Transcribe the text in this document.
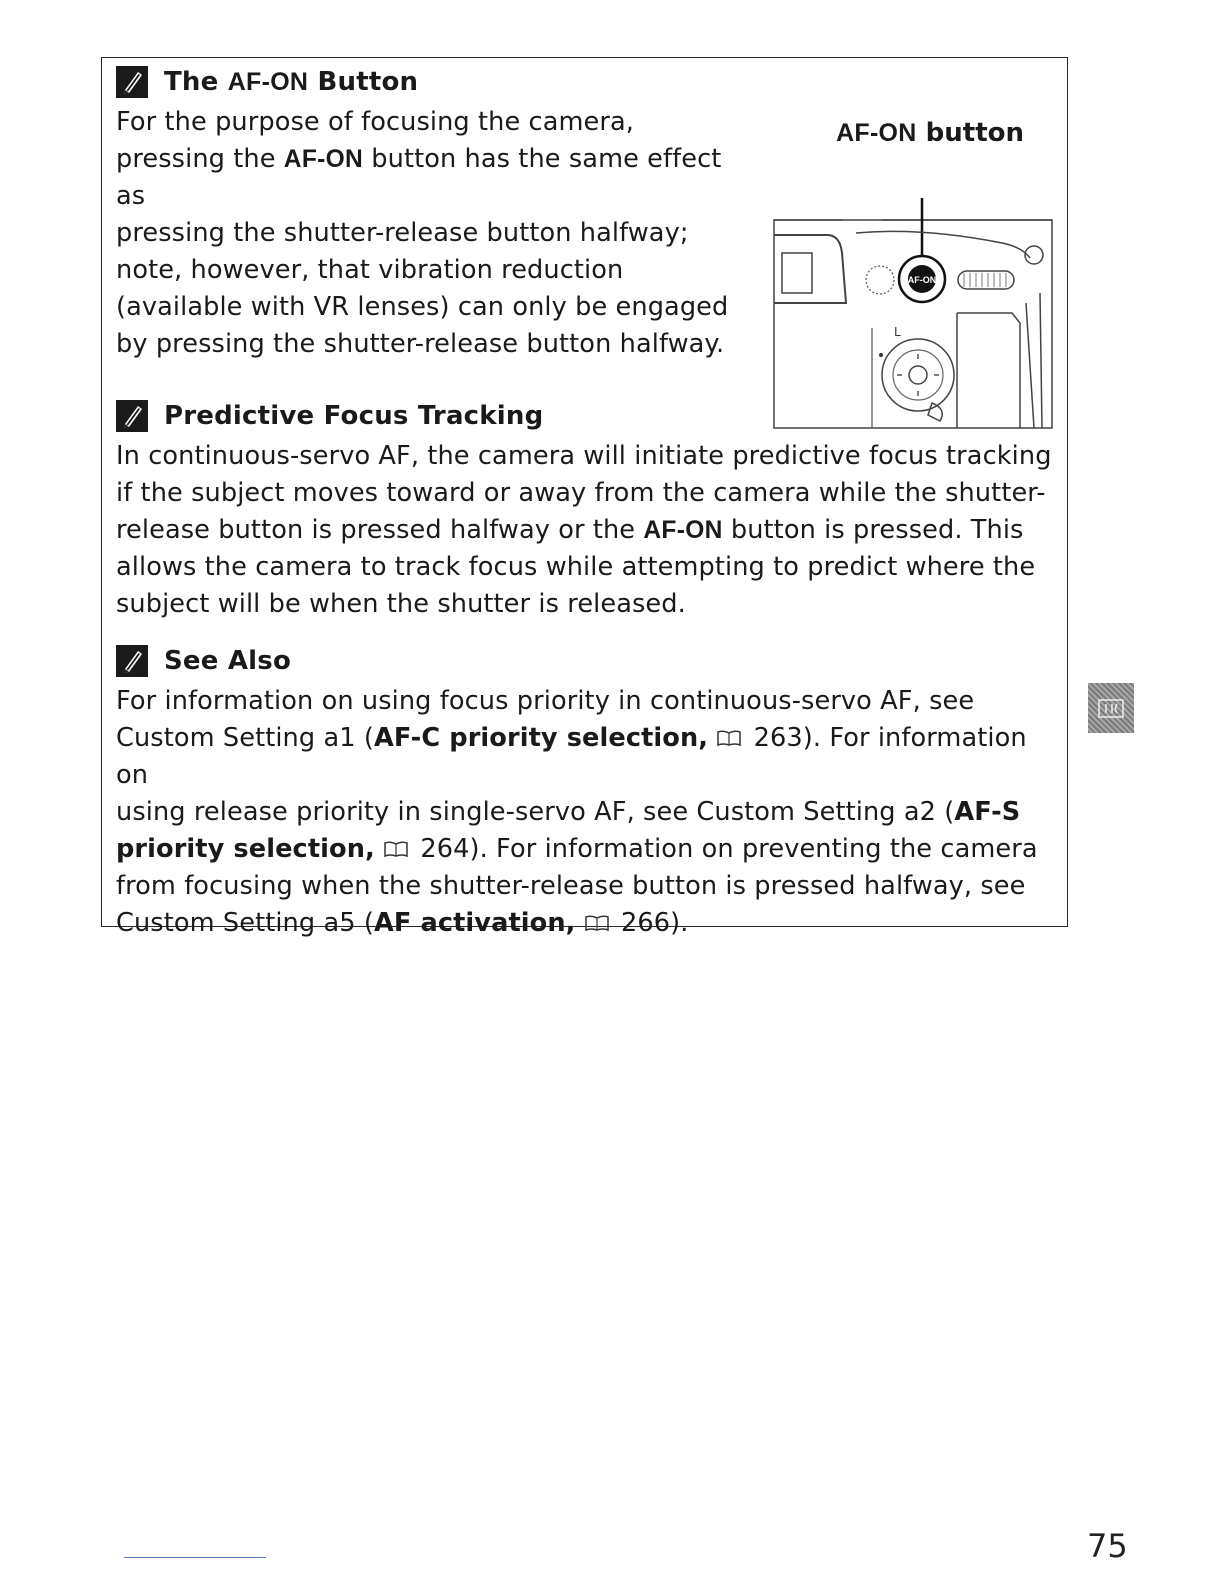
The AF-ON Button
For the purpose of focusing the camera,
pressing the AF-ON button has the same effect as
pressing the shutter-release button halfway;
note, however, that vibration reduction
(available with VR lenses) can only be engaged
by pressing the shutter-release button halfway.
AF-ON button
AF-ON
L
Predictive Focus Tracking
In continuous-servo AF, the camera will initiate predictive focus tracking
if the subject moves toward or away from the camera while the shutter-
release button is pressed halfway or the AF-ON button is pressed. This
allows the camera to track focus while attempting to predict where the
subject will be when the shutter is released.
See Also
For information on using focus priority in continuous-servo AF, see
Custom Setting a1 (AF-C priority selection,  263). For information on
using release priority in single-servo AF, see Custom Setting a2 (AF-S
priority selection,  264). For information on preventing the camera
from focusing when the shutter-release button is pressed halfway, see
Custom Setting a5 (AF activation,  266).
75
